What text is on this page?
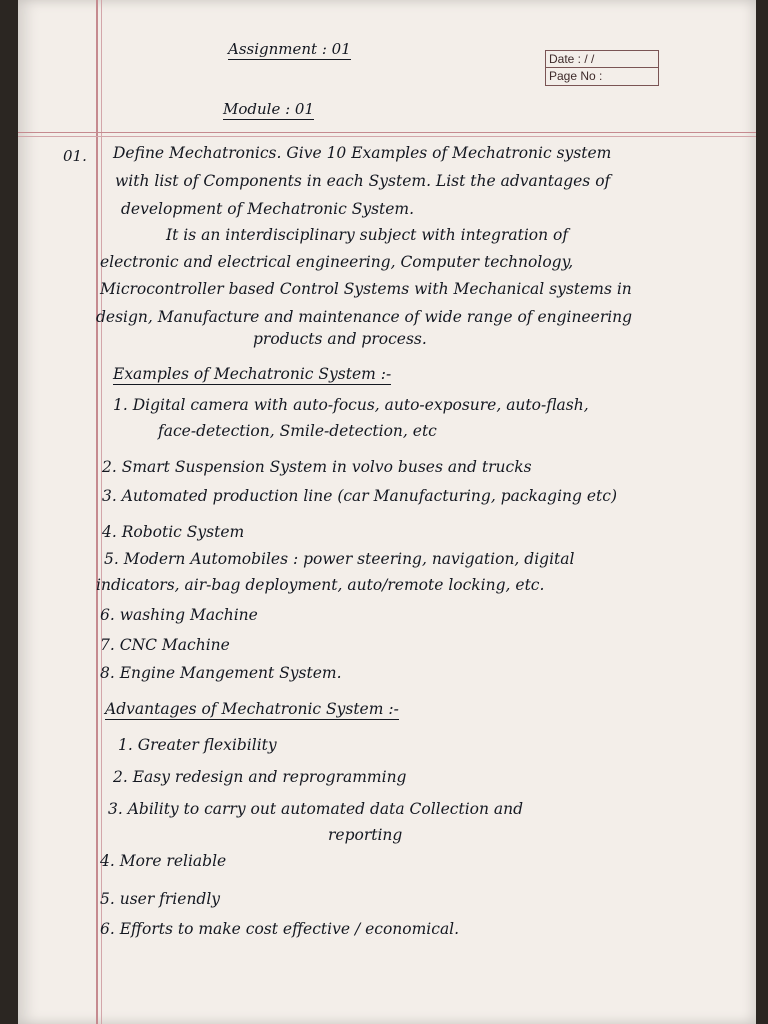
Assignment : 01
Date : / /
Page No :
Module : 01
01. Define Mechatronics. Give 10 Examples of Mechatronic system
with list of Components in each System. List the advantages of
development of Mechatronic System.
It is an interdisciplinary subject with integration of
electronic and electrical engineering, Computer technology,
Microcontroller based Control Systems with Mechanical systems in
design, Manufacture and maintenance of wide range of engineering
products and process.
Examples of Mechatronic System :-
1. Digital camera with auto-focus, auto-exposure, auto-flash,
face-detection, Smile-detection, etc
2. Smart Suspension System in volvo buses and trucks
3. Automated production line (car Manufacturing, packaging etc)
4. Robotic System
5. Modern Automobiles : power steering, navigation, digital
indicators, air-bag deployment, auto/remote locking, etc.
6. washing Machine
7. CNC Machine
8. Engine Mangement System.
Advantages of Mechatronic System :-
1. Greater flexibility
2. Easy redesign and reprogramming
3. Ability to carry out automated data Collection and
reporting
4. More reliable
5. user friendly
6. Efforts to make cost effective / economical.
